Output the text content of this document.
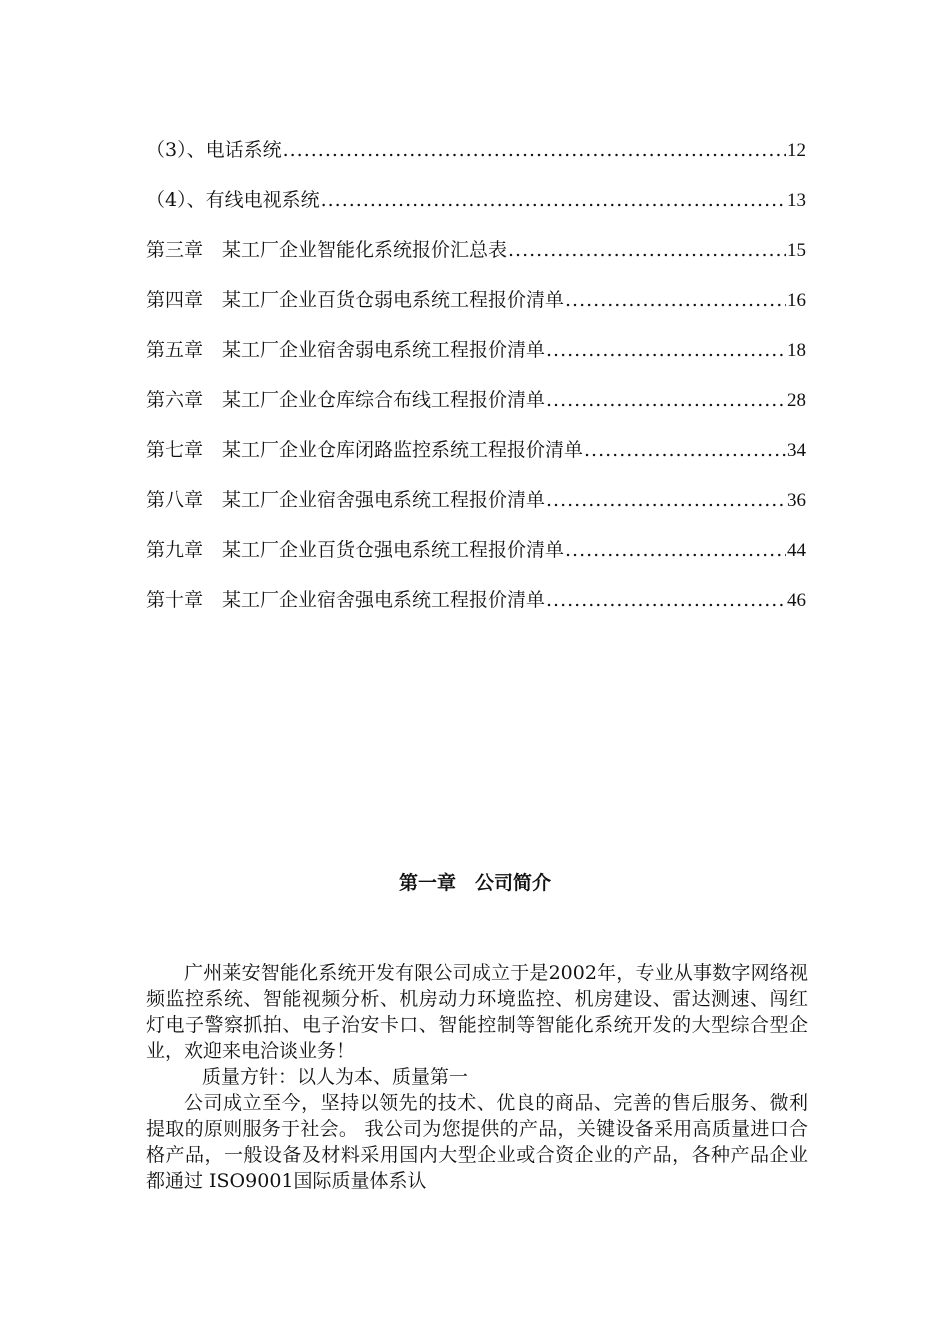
（3）、电话系统 .....	12
（4）、有线电视系统 .....	13
第三章　某工厂企业智能化系统报价汇总表 .....	15
第四章　某工厂企业百货仓弱电系统工程报价清单 .....	16
第五章　某工厂企业宿舍弱电系统工程报价清单 .....	18
第六章　某工厂企业仓库综合布线工程报价清单 .....	28
第七章　某工厂企业仓库闭路监控系统工程报价清单 .....	34
第八章　某工厂企业宿舍强电系统工程报价清单 .....	36
第九章　某工厂企业百货仓强电系统工程报价清单 .....	44
第十章　某工厂企业宿舍强电系统工程报价清单 .....	46
第一章　公司简介

广州莱安智能化系统开发有限公司成立于是2002年，专业从事数字网络视频监控系统、智能视频分析、机房动力环境监控、机房建设、雷达测速、闯红灯电子警察抓拍、电子治安卡口、智能控制等智能化系统开发的大型综合型企业，欢迎来电洽谈业务！

质量方针：以人为本、质量第一

公司成立至今，坚持以领先的技术、优良的商品、完善的售后服务、微利提取的原则服务于社会。 我公司为您提供的产品，关键设备采用高质量进口合格产品，一般设备及材料采用国内大型企业或合资企业的产品，各种产品企业都通过 ISO9001国际质量体系认
